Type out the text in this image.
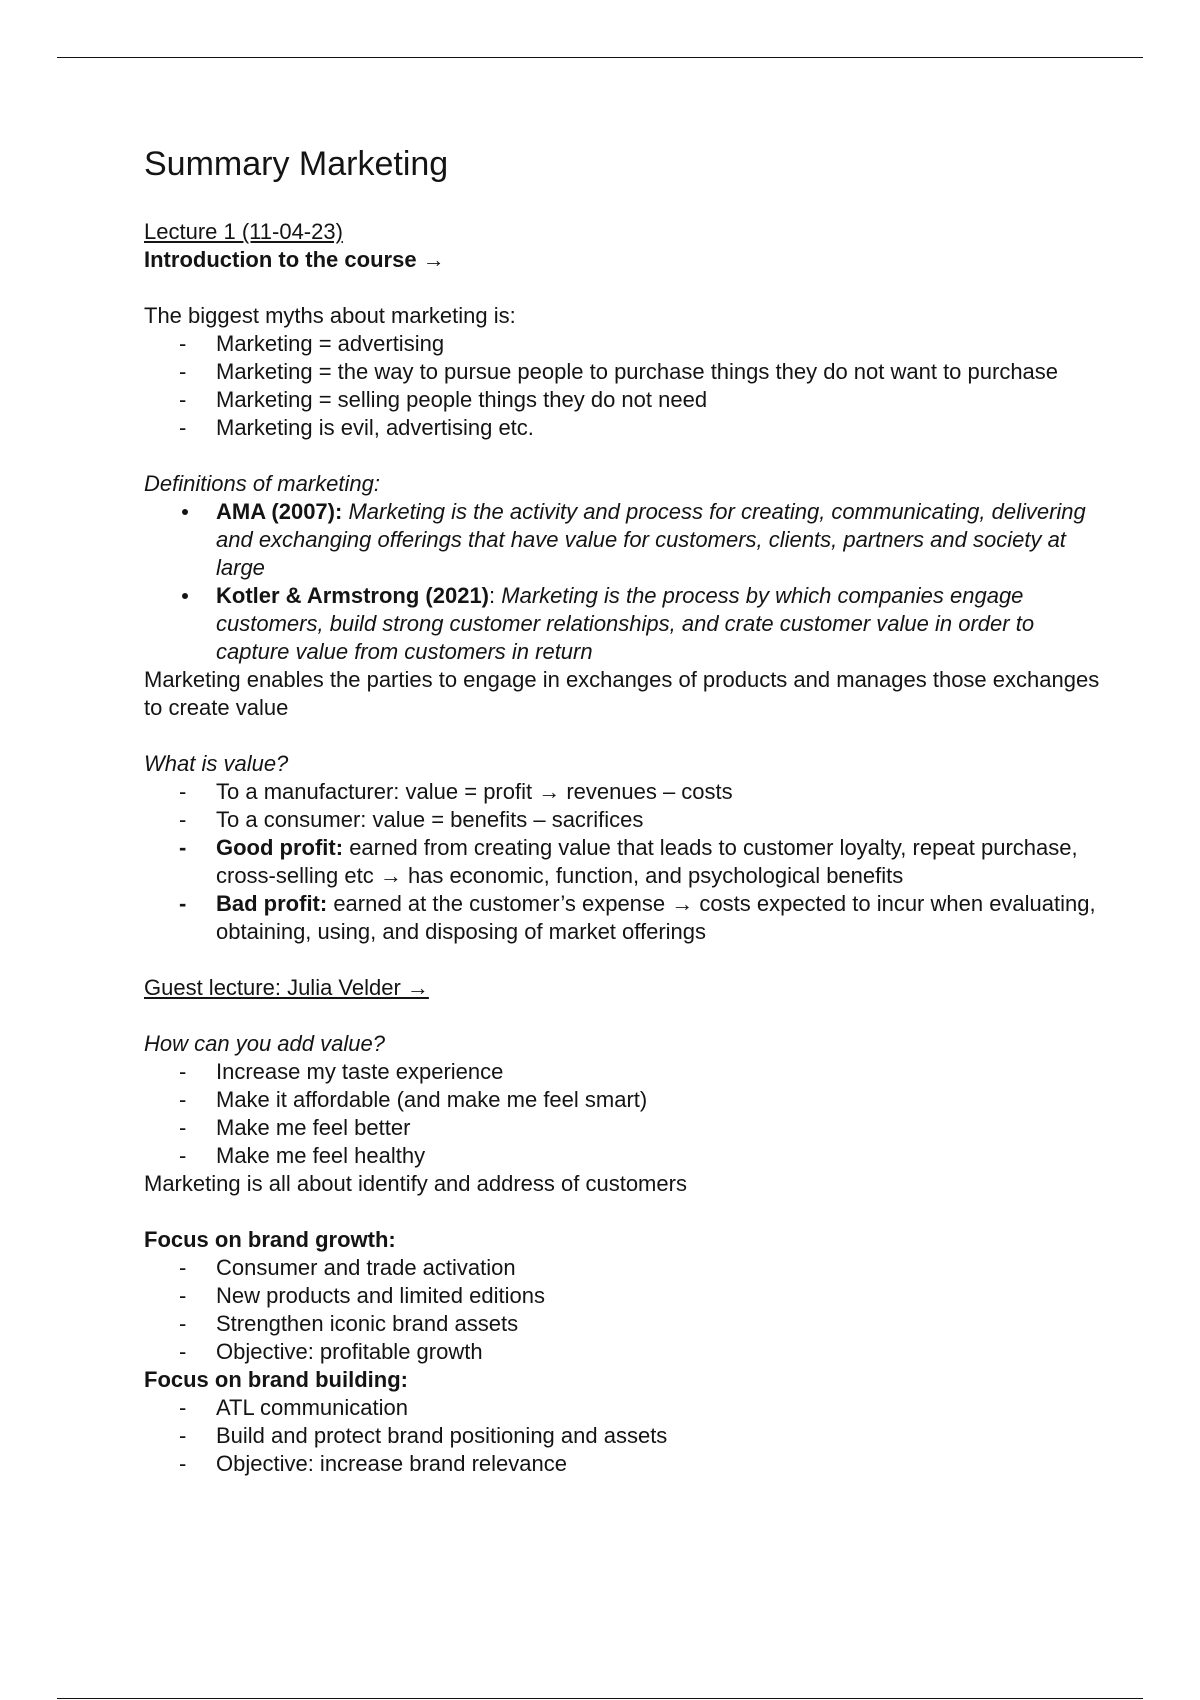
Summary Marketing

Lecture 1 (11-04-23)

Introduction to the course →

The biggest myths about marketing is:

-	Marketing = advertising
-	Marketing = the way to pursue people to purchase things they do not want to purchase
-	Marketing = selling people things they do not need
-	Marketing is evil, advertising etc.

Definitions of marketing:

AMA (2007): Marketing is the activity and process for creating, communicating, delivering and exchanging offerings that have value for customers, clients, partners and society at large
Kotler & Armstrong (2021): Marketing is the process by which companies engage customers, build strong customer relationships, and crate customer value in order to capture value from customers in return

Marketing enables the parties to engage in exchanges of products and manages those exchanges to create value

What is value?

-	To a manufacturer: value = profit → revenues – costs
-	To a consumer: value = benefits – sacrifices
-	Good profit: earned from creating value that leads to customer loyalty, repeat purchase, cross-selling etc → has economic, function, and psychological benefits
-	Bad profit: earned at the customer’s expense → costs expected to incur when evaluating, obtaining, using, and disposing of market offerings

Guest lecture: Julia Velder →

How can you add value?

-	Increase my taste experience
-	Make it affordable (and make me feel smart)
-	Make me feel better
-	Make me feel healthy

Marketing is all about identify and address of customers

Focus on brand growth:

-	Consumer and trade activation
-	New products and limited editions
-	Strengthen iconic brand assets
-	Objective: profitable growth

Focus on brand building:

-	ATL communication
-	Build and protect brand positioning and assets
-	Objective: increase brand relevance
